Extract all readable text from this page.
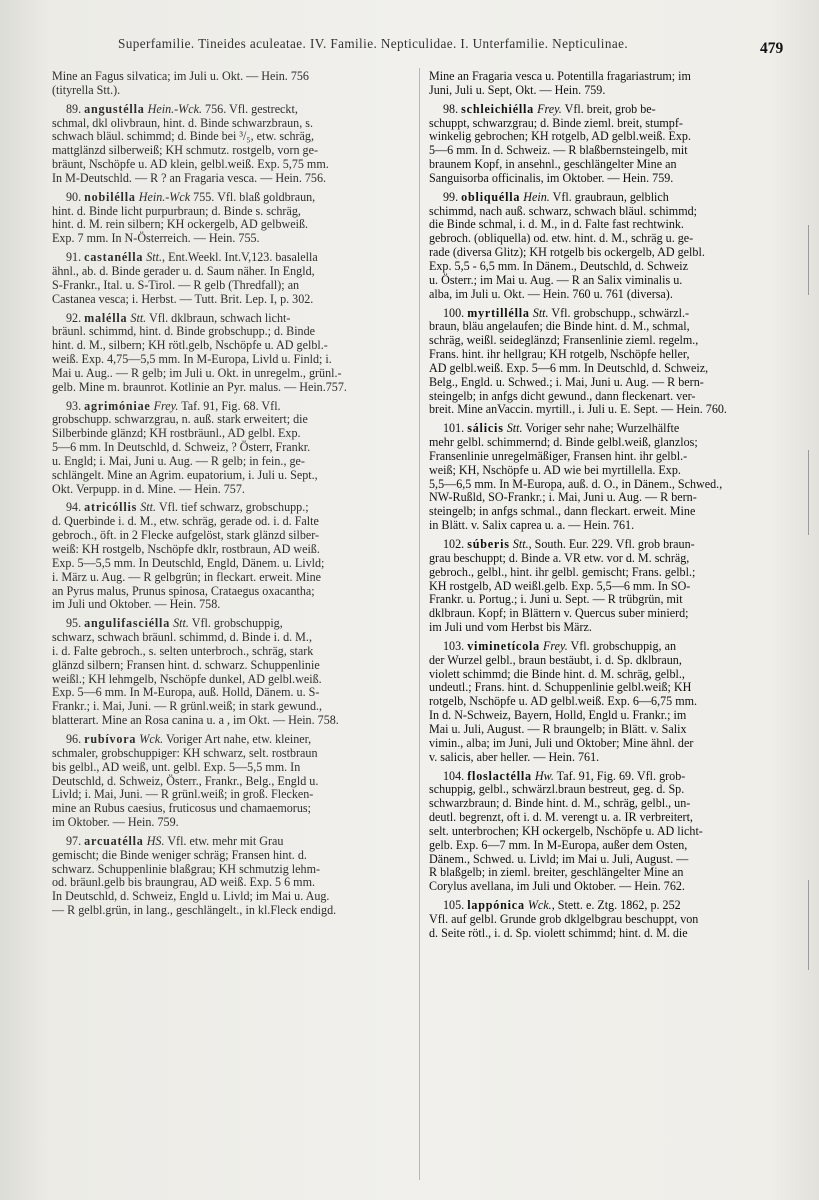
Superfamilie. Tineides aculeatae. IV. Familie. Nepticulidae. I. Unterfamilie. Nepticulinae.	479
Mine an Fagus silvatica; im Juli u. Okt. — Hein. 756
(tityrella Stt.).
89. angustélla Hein.-Wck. 756. Vfl. gestreckt,
schmal, dkl olivbraun, hint. d. Binde schwarzbraun, s.
schwach bläul. schimmd; d. Binde bei ³/₅, etw. schräg,
mattglänzd silberweiß; KH schmutz. rostgelb, vorn ge-
bräunt, Nschöpfe u. AD klein, gelbl.weiß. Exp. 5,75 mm.
In M-Deutschld. — R ? an Fragaria vesca. — Hein. 756.
90. nobiléllа Hein.-Wck 755. Vfl. blaß goldbraun,
hint. d. Binde licht purpurbraun; d. Binde s. schräg,
hint. d. M. rein silbern; KH ockergelb, AD gelbweiß.
Exp. 7 mm. In N-Österreich. — Hein. 755.
91. castanélla Stt., Ent.Weekl. Int.V,123. basalella
ähnl., ab. d. Binde gerader u. d. Saum näher. In Engld,
S-Frankr., Ital. u. S-Tirol. — R gelb (Thredfall); an
Castanea vesca; i. Herbst. — Tutt. Brit. Lep. I, p. 302.
92. maléllа Stt. Vfl. dklbraun, schwach licht-
bräunl. schimmd, hint. d. Binde grobschupp.; d. Binde
hint. d. M., silbern; KH rötl.gelb, Nschöpfe u. AD gelbl.-
weiß. Exp. 4,75—5,5 mm. In M-Europa, Livld u. Finld; i.
Mai u. Aug.. — R gelb; im Juli u. Okt. in unregelm., grünl.-
gelb. Mine m. braunrot. Kotlinie an Pyr. malus. — Hein.757.
93. agrimóniae Frey. Taf. 91, Fig. 68. Vfl.
grobschupp. schwarzgrau, n. auß. stark erweitert; die
Silberbinde glänzd; KH rostbräunl., AD gelbl. Exp.
5—6 mm. In Deutschld, d. Schweiz, ? Österr, Frankr.
u. Engld; i. Mai, Juni u. Aug. — R gelb; in fein., ge-
schlängelt. Mine an Agrim. eupatorium, i. Juli u. Sept.,
Okt. Verpupp. in d. Mine. — Hein. 757.
94. atricóllis Stt. Vfl. tief schwarz, grobschupp.;
d. Querbinde i. d. M., etw. schräg, gerade od. i. d. Falte
gebroch., öft. in 2 Flecke aufgelöst, stark glänzd silber-
weiß: KH rostgelb, Nschöpfe dklr, rostbraun, AD weiß.
Exp. 5—5,5 mm. In Deutschld, Engld, Dänem. u. Livld;
i. März u. Aug. — R gelbgrün; in fleckart. erweit. Mine
an Pyrus malus, Prunus spinosa, Crataegus oxacantha;
im Juli und Oktober. — Hein. 758.
95. angulifasciélla Stt. Vfl. grobschuppig,
schwarz, schwach bräunl. schimmd, d. Binde i. d. M.,
i. d. Falte gebroch., s. selten unterbroch., schräg, stark
glänzd silbern; Fransen hint. d. schwarz. Schuppenlinie
weißl.; KH lehmgelb, Nschöpfe dunkel, AD gelbl.weiß.
Exp. 5—6 mm. In M-Europa, auß. Holld, Dänem. u. S-
Frankr.; i. Mai, Juni. — R grünl.weiß; in stark gewund.,
blatterart. Mine an Rosa canina u. a , im Okt. — Hein. 758.
96. rubívora Wck. Voriger Art nahe, etw. kleiner,
schmaler, grobschuppiger: KH schwarz, selt. rostbraun
bis gelbl., AD weiß, unt. gelbl. Exp. 5—5,5 mm. In
Deutschld, d. Schweiz, Österr., Frankr., Belg., Engld u.
Livld; i. Mai, Juni. — R grünl.weiß; in groß. Flecken-
mine an Rubus caesius, fruticosus und chamaemorus;
im Oktober. — Hein. 759.
97. arcuatélla HS. Vfl. etw. mehr mit Grau
gemischt; die Binde weniger schräg; Fransen hint. d.
schwarz. Schuppenlinie blaßgrau; KH schmutzig lehm-
od. bräunl.gelb bis braungrau, AD weiß. Exp. 5 6 mm.
In Deutschld, d. Schweiz, Engld u. Livld; im Mai u. Aug.
— R gelbl.grün, in lang., geschlängelt., in kl.Fleck endigd.
Mine an Fragaria vesca u. Potentilla fragariastrum; im
Juni, Juli u. Sept, Okt. — Hein. 759.
98. schleichiélla Frey. Vfl. breit, grob be-
schuppt, schwarzgrau; d. Binde zieml. breit, stumpf-
winkelig gebrochen; KH rotgelb, AD gelbl.weiß. Exp.
5—6 mm. In d. Schweiz. — R blaßbernsteingelb, mit
braunem Kopf, in ansehnl., geschlängelter Mine an
Sanguisorba officinalis, im Oktober. — Hein. 759.
99. obliquélla Hein. Vfl. graubraun, gelblich
schimmd, nach auß. schwarz, schwach bläul. schimmd;
die Binde schmal, i. d. M., in d. Falte fast rechtwink.
gebroch. (obliquella) od. etw. hint. d. M., schräg u. ge-
rade (diversa Glitz); KH rotgelb bis ockergelb, AD gelbl.
Exp. 5,5 - 6,5 mm. In Dänem., Deutschld, d. Schweiz
u. Österr.; im Mai u. Aug. — R an Salix viminalis u.
alba, im Juli u. Okt. — Hein. 760 u. 761 (diversa).
100. myrtilléllа Stt. Vfl. grobschupp., schwärzl.-
braun, bläu angelaufen; die Binde hint. d. M., schmal,
schräg, weißl. seideglänzd; Fransenlinie zieml. regelm.,
Frans. hint. ihr hellgrau; KH rotgelb, Nschöpfe heller,
AD gelbl.weiß. Exp. 5—6 mm. In Deutschld, d. Schweiz,
Belg., Engld. u. Schwed.; i. Mai, Juni u. Aug. — R bern-
steingelb; in anfgs dicht gewund., dann fleckenart. ver-
breit. Mine anVaccin. myrtill., i. Juli u. E. Sept. — Hein. 760.
101. sálicis Stt. Voriger sehr nahe; Wurzelhälfte
mehr gelbl. schimmernd; d. Binde gelbl.weiß, glanzlos;
Fransenlinie unregelmäßiger, Fransen hint. ihr gelbl.-
weiß; KH, Nschöpfe u. AD wie bei myrtillella. Exp.
5,5—6,5 mm. In M-Europa, auß. d. O., in Dänem., Schwed.,
NW-Rußld, SO-Frankr.; i. Mai, Juni u. Aug. — R bern-
steingelb; in anfgs schmal., dann fleckart. erweit. Mine
in Blätt. v. Salix caprea u. a. — Hein. 761.
102. súberis Stt., South. Eur. 229. Vfl. grob braun-
grau beschuppt; d. Binde a. VR etw. vor d. M. schräg,
gebroch., gelbl., hint. ihr gelbl. gemischt; Frans. gelbl.;
KH rostgelb, AD weißl.gelb. Exp. 5,5—6 mm. In SO-
Frankr. u. Portug.; i. Juni u. Sept. — R trübgrün, mit
dklbraun. Kopf; in Blättern v. Quercus suber minierd;
im Juli und vom Herbst bis März.
103. viminetícola Frey. Vfl. grobschuppig, an
der Wurzel gelbl., braun bestäubt, i. d. Sp. dklbraun,
violett schimmd; die Binde hint. d. M. schräg, gelbl.,
undeutl.; Frans. hint. d. Schuppenlinie gelbl.weiß; KH
rotgelb, Nschöpfe u. AD gelbl.weiß. Exp. 6—6,75 mm.
In d. N-Schweiz, Bayern, Holld, Engld u. Frankr.; im
Mai u. Juli, August. — R braungelb; in Blätt. v. Salix
vimin., alba; im Juni, Juli und Oktober; Mine ähnl. der
v. salicis, aber heller. — Hein. 761.
104. floslactélla Hw. Taf. 91, Fig. 69. Vfl. grob-
schuppig, gelbl., schwärzl.braun bestreut, geg. d. Sp.
schwarzbraun; d. Binde hint. d. M., schräg, gelbl., un-
deutl. begrenzt, oft i. d. M. verengt u. a. IR verbreitert,
selt. unterbrochen; KH ockergelb, Nschöpfe u. AD licht-
gelb. Exp. 6—7 mm. In M-Europa, außer dem Osten,
Dänem., Schwed. u. Livld; im Mai u. Juli, August. —
R blaßgelb; in zieml. breiter, geschlängelter Mine an
Corylus avellana, im Juli und Oktober. — Hein. 762.
105. lappónica Wck., Stett. e. Ztg. 1862, p. 252
Vfl. auf gelbl. Grunde grob dklgelbgrau beschuppt, von
d. Seite rötl., i. d. Sp. violett schimmd; hint. d. M. die
